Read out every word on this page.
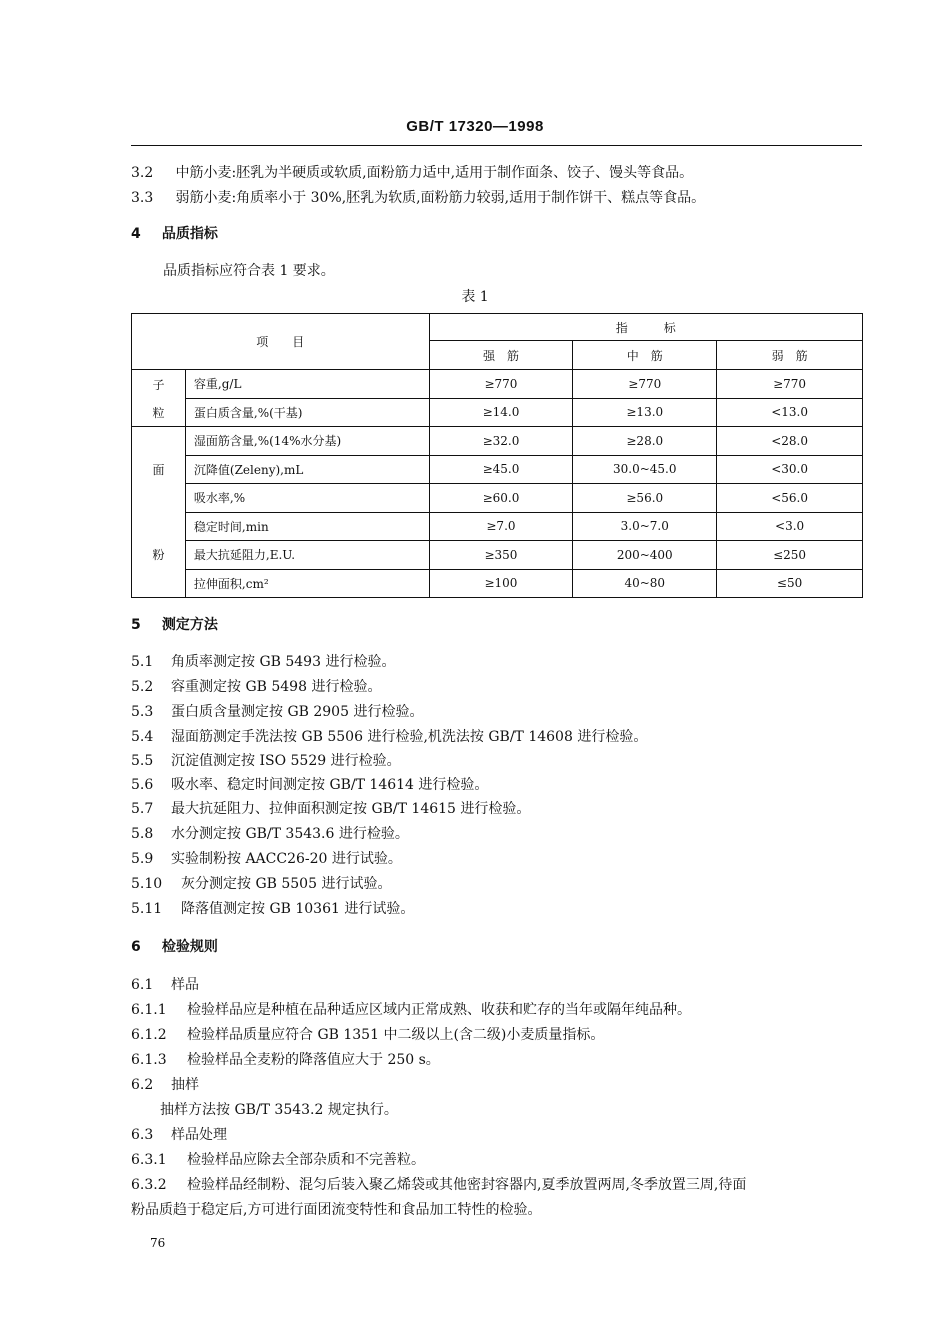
GB/T 17320—1998
3.2 中筋小麦:胚乳为半硬质或软质,面粉筋力适中,适用于制作面条、饺子、馒头等食品。
3.3 弱筋小麦:角质率小于 30%,胚乳为软质,面粉筋力较弱,适用于制作饼干、糕点等食品。
4 品质指标
品质指标应符合表 1 要求。
表 1
项　　目		指　　　标		
		强　筋	中　筋	弱　筋

子
粒	容重,g/L	≥770	≥770	≥770
	蛋白质含量,%(干基)	≥14.0	≥13.0	<13.0

面
粉	湿面筋含量,%(14%水分基)	≥32.0	≥28.0	<28.0
	沉降值(Zeleny),mL	≥45.0	30.0~45.0	<30.0
	吸水率,%	≥60.0	≥56.0	<56.0
	稳定时间,min	≥7.0	3.0~7.0	<3.0
	最大抗延阻力,E.U.	≥350	200~400	≤250
	拉伸面积,cm²	≥100	40~80	≤50
5 测定方法
5.1 角质率测定按 GB 5493 进行检验。
5.2 容重测定按 GB 5498 进行检验。
5.3 蛋白质含量测定按 GB 2905 进行检验。
5.4 湿面筋测定手洗法按 GB 5506 进行检验,机洗法按 GB/T 14608 进行检验。
5.5 沉淀值测定按 ISO 5529 进行检验。
5.6 吸水率、稳定时间测定按 GB/T 14614 进行检验。
5.7 最大抗延阻力、拉伸面积测定按 GB/T 14615 进行检验。
5.8 水分测定按 GB/T 3543.6 进行检验。
5.9 实验制粉按 AACC26-20 进行试验。
5.10 灰分测定按 GB 5505 进行试验。
5.11 降落值测定按 GB 10361 进行试验。
6 检验规则
6.1 样品
6.1.1 检验样品应是种植在品种适应区域内正常成熟、收获和贮存的当年或隔年纯品种。
6.1.2 检验样品质量应符合 GB 1351 中二级以上(含二级)小麦质量指标。
6.1.3 检验样品全麦粉的降落值应大于 250 s。
6.2 抽样
抽样方法按 GB/T 3543.2 规定执行。
6.3 样品处理
6.3.1 检验样品应除去全部杂质和不完善粒。
6.3.2 检验样品经制粉、混匀后装入聚乙烯袋或其他密封容器内,夏季放置两周,冬季放置三周,待面
粉品质趋于稳定后,方可进行面团流变特性和食品加工特性的检验。
76
